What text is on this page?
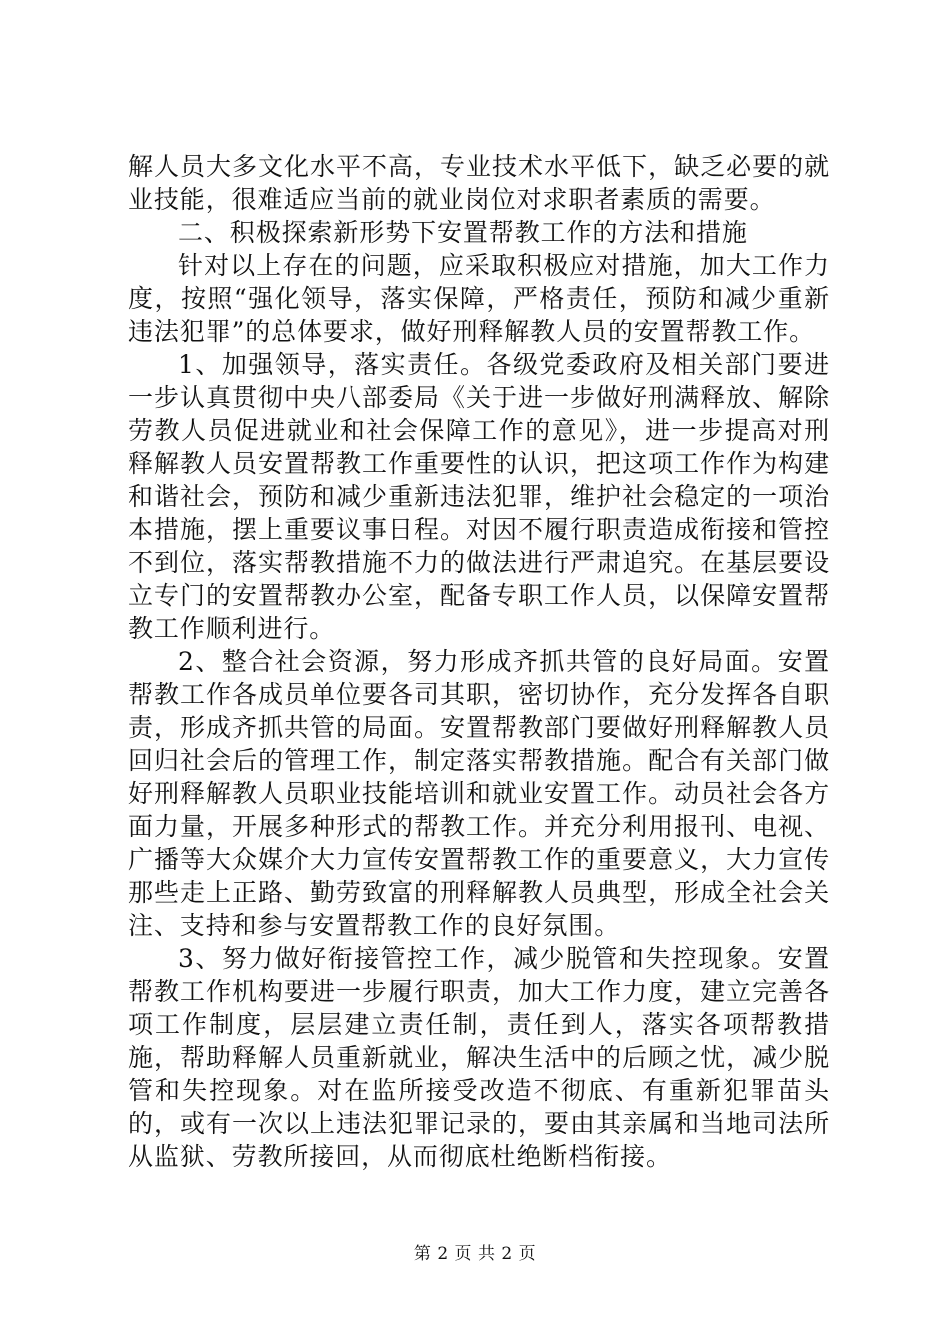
解人员大多文化水平不高，专业技术水平低下，缺乏必要的就业技能，很难适应当前的就业岗位对求职者素质的需要。

二、积极探索新形势下安置帮教工作的方法和措施

针对以上存在的问题，应采取积极应对措施，加大工作力度，按照“强化领导，落实保障，严格责任，预防和减少重新违法犯罪”的总体要求，做好刑释解教人员的安置帮教工作。

1、加强领导，落实责任。各级党委政府及相关部门要进一步认真贯彻中央八部委局《关于进一步做好刑满释放、解除劳教人员促进就业和社会保障工作的意见》，进一步提高对刑释解教人员安置帮教工作重要性的认识，把这项工作作为构建和谐社会，预防和减少重新违法犯罪，维护社会稳定的一项治本措施，摆上重要议事日程。对因不履行职责造成衔接和管控不到位，落实帮教措施不力的做法进行严肃追究。在基层要设立专门的安置帮教办公室，配备专职工作人员，以保障安置帮教工作顺利进行。

2、整合社会资源，努力形成齐抓共管的良好局面。安置帮教工作各成员单位要各司其职，密切协作，充分发挥各自职责，形成齐抓共管的局面。安置帮教部门要做好刑释解教人员回归社会后的管理工作，制定落实帮教措施。配合有关部门做好刑释解教人员职业技能培训和就业安置工作。动员社会各方面力量，开展多种形式的帮教工作。并充分利用报刊、电视、广播等大众媒介大力宣传安置帮教工作的重要意义，大力宣传那些走上正路、勤劳致富的刑释解教人员典型，形成全社会关注、支持和参与安置帮教工作的良好氛围。

3、努力做好衔接管控工作，减少脱管和失控现象。安置帮教工作机构要进一步履行职责，加大工作力度，建立完善各项工作制度，层层建立责任制，责任到人，落实各项帮教措施，帮助释解人员重新就业，解决生活中的后顾之忧，减少脱管和失控现象。对在监所接受改造不彻底、有重新犯罪苗头的，或有一次以上违法犯罪记录的，要由其亲属和当地司法所从监狱、劳教所接回，从而彻底杜绝断档衔接。

第 2 页 共 2 页
